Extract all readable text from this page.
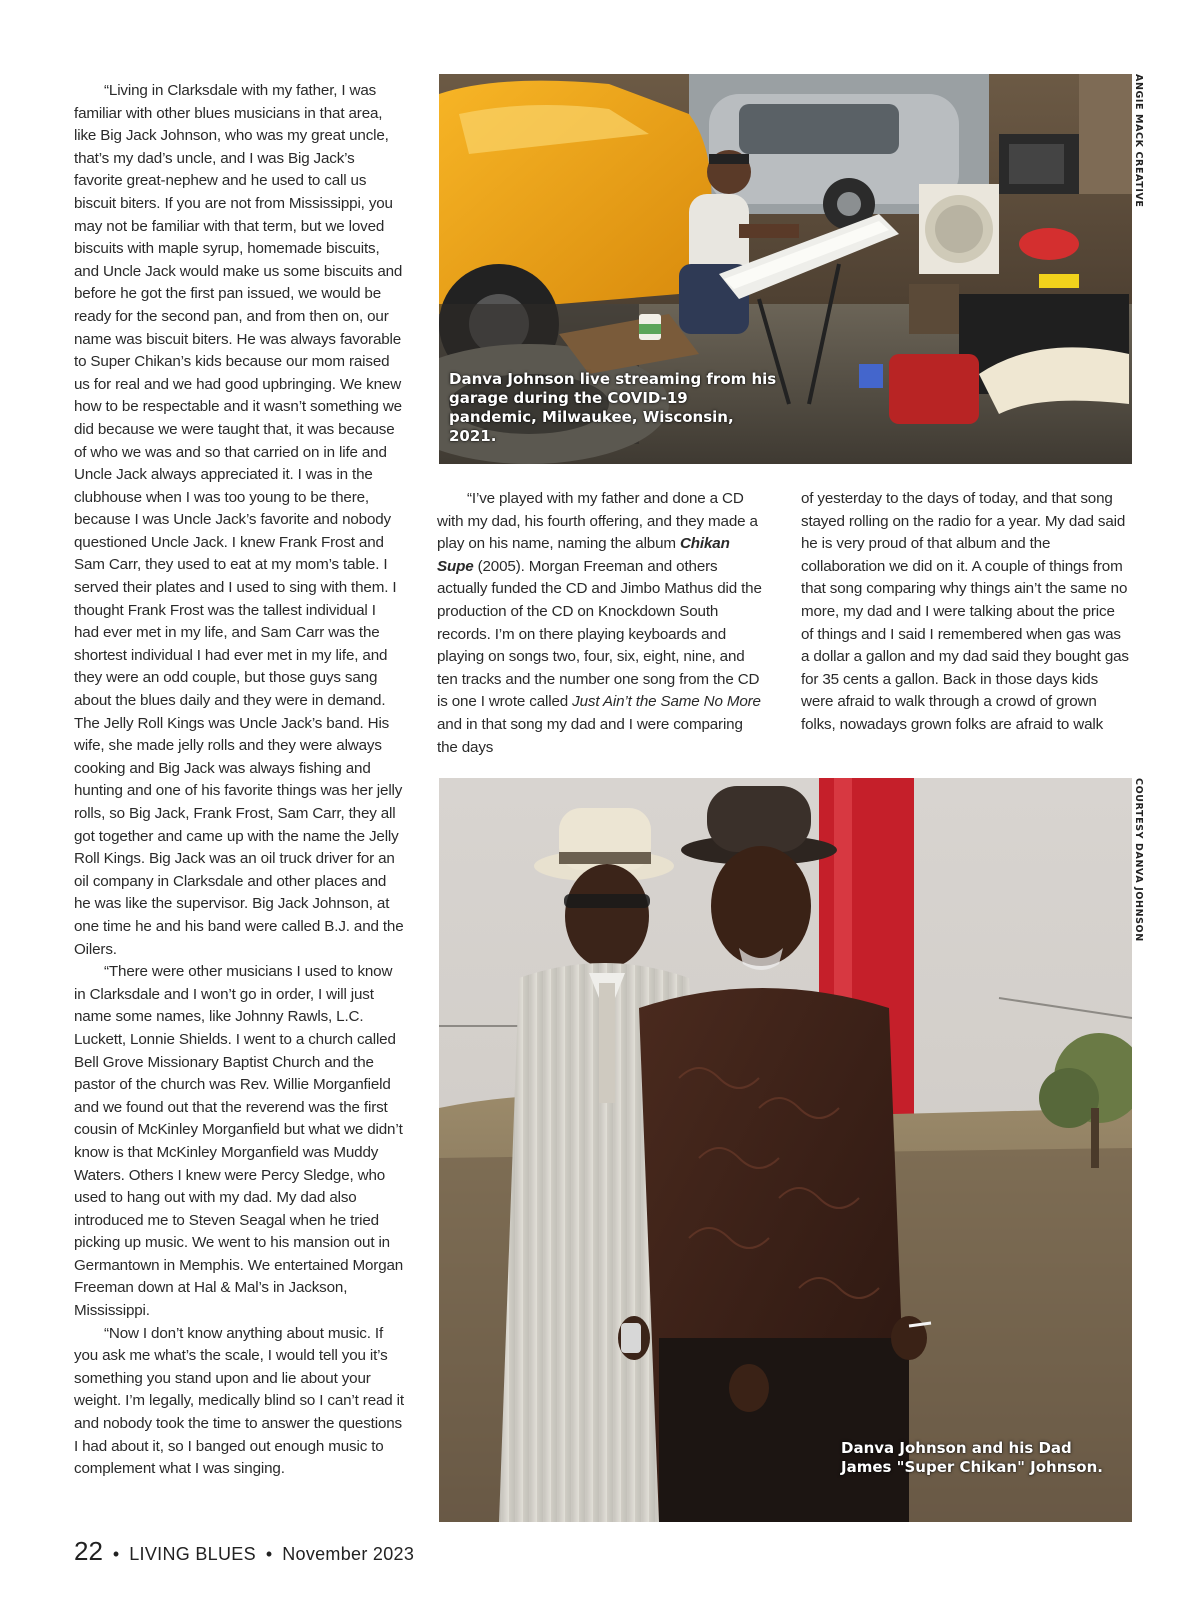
“Living in Clarksdale with my father, I was familiar with other blues musicians in that area, like Big Jack Johnson, who was my great uncle, that’s my dad’s uncle, and I was Big Jack’s favorite great-nephew and he used to call us biscuit biters. If you are not from Mississippi, you may not be familiar with that term, but we loved biscuits with maple syrup, homemade biscuits, and Uncle Jack would make us some biscuits and before he got the first pan issued, we would be ready for the second pan, and from then on, our name was biscuit biters. He was always favorable to Super Chikan’s kids because our mom raised us for real and we had good upbringing. We knew how to be respectable and it wasn’t something we did because we were taught that, it was because of who we was and so that carried on in life and Uncle Jack always appreciated it. I was in the clubhouse when I was too young to be there, because I was Uncle Jack’s favorite and nobody questioned Uncle Jack. I knew Frank Frost and Sam Carr, they used to eat at my mom’s table. I served their plates and I used to sing with them. I thought Frank Frost was the tallest individual I had ever met in my life, and Sam Carr was the shortest individual I had ever met in my life, and they were an odd couple, but those guys sang about the blues daily and they were in demand. The Jelly Roll Kings was Uncle Jack’s band. His wife, she made jelly rolls and they were always cooking and Big Jack was always fishing and hunting and one of his favorite things was her jelly rolls, so Big Jack, Frank Frost, Sam Carr, they all got together and came up with the name the Jelly Roll Kings. Big Jack was an oil truck driver for an oil company in Clarksdale and other places and he was like the supervisor. Big Jack Johnson, at one time he and his band were called B.J. and the Oilers.

“There were other musicians I used to know in Clarksdale and I won’t go in order, I will just name some names, like Johnny Rawls, L.C. Luckett, Lonnie Shields. I went to a church called Bell Grove Missionary Baptist Church and the pastor of the church was Rev. Willie Morganfield and we found out that the reverend was the first cousin of McKinley Morganfield but what we didn’t know is that McKinley Morganfield was Muddy Waters. Others I knew were Percy Sledge, who used to hang out with my dad. My dad also introduced me to Steven Seagal when he tried picking up music. We went to his mansion out in Germantown in Memphis. We entertained Morgan Freeman down at Hal & Mal’s in Jackson, Mississippi.

“Now I don’t know anything about music. If you ask me what’s the scale, I would tell you it’s something you stand upon and lie about your weight. I’m legally, medically blind so I can’t read it and nobody took the time to answer the questions I had about it, so I banged out enough music to complement what I was singing.

Danva Johnson live streaming from his garage during the COVID-19 pandemic, Milwaukee, Wisconsin, 2021.
ANGIE MACK CREATIVE

“I’ve played with my father and done a CD with my dad, his fourth offering, and they made a play on his name, naming the album Chikan Supe (2005). Morgan Freeman and others actually funded the CD and Jimbo Mathus did the production of the CD on Knockdown South records. I’m on there playing keyboards and playing on songs two, four, six, eight, nine, and ten tracks and the number one song from the CD is one I wrote called Just Ain’t the Same No More and in that song my dad and I were comparing the days

of yesterday to the days of today, and that song stayed rolling on the radio for a year. My dad said he is very proud of that album and the collaboration we did on it. A couple of things from that song comparing why things ain’t the same no more, my dad and I were talking about the price of things and I said I remembered when gas was a dollar a gallon and my dad said they bought gas for 35 cents a gallon. Back in those days kids were afraid to walk through a crowd of grown folks, nowadays grown folks are afraid to walk

Danva Johnson and his Dad
James "Super Chikan" Johnson.
COURTESY DANVA JOHNSON
22 • LIVING BLUES • November 2023
